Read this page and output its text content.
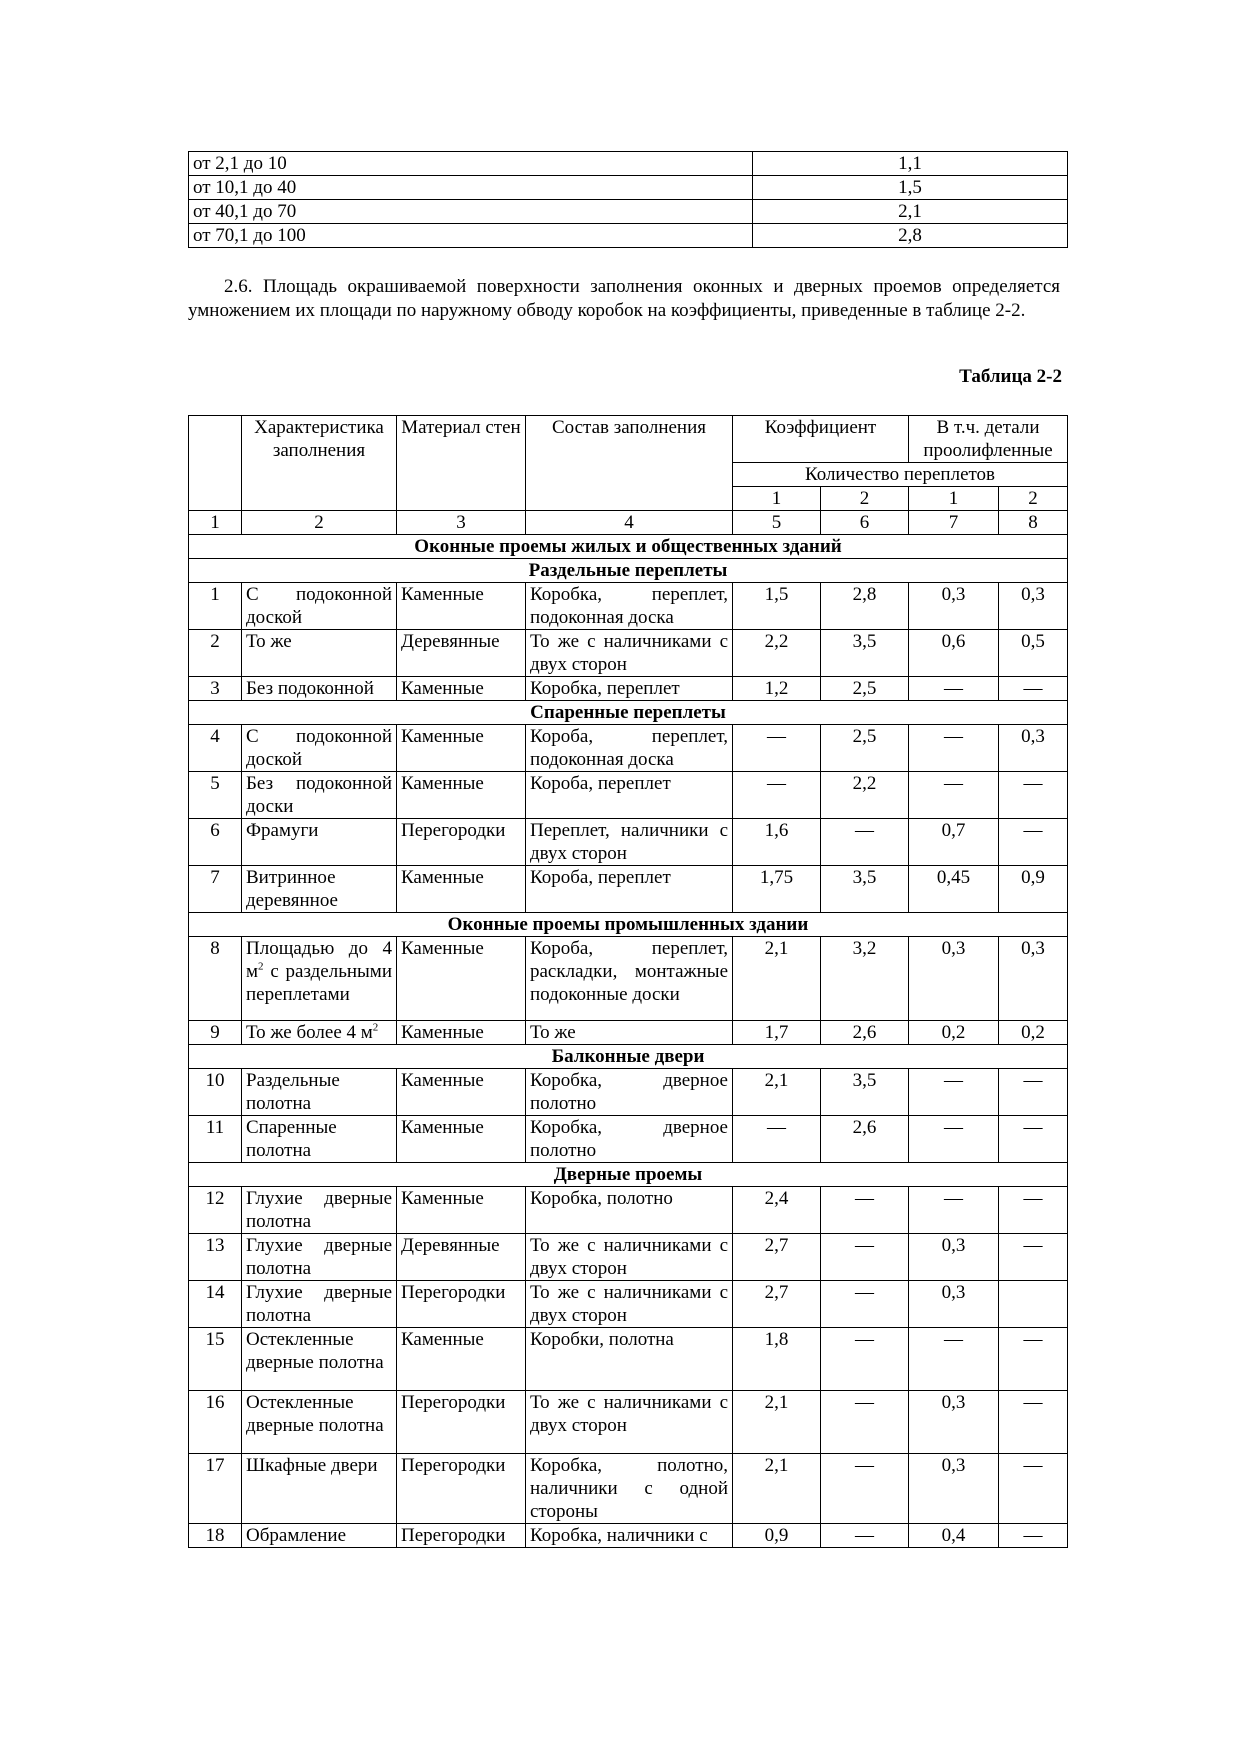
от 2,1 до 10	1,1
от 10,1 до 40	1,5
от 40,1 до 70	2,1
от 70,1 до 100	2,8

2.6. Площадь окрашиваемой поверхности заполнения оконных и дверных проемов определяется умножением их площади по наружному обводу коробок на коэффициенты, приведенные в таблице 2-2.

Таблица 2-2
	Характеристика заполнения	Материал стен	Состав заполнения	Коэффициент		В т.ч. детали проолифленные	
				Количество переплетов			
				1	2	1	2
1	2	3	4	5	6	7	8
Оконные проемы жилых и общественных зданий							
Раздельные переплеты							
1	С подоконной доской	Каменные	Коробка, переплет, подоконная доска	1,5	2,8	0,3	0,3
2	То же	Деревянные	То же с наличниками с двух сторон	2,2	3,5	0,6	0,5
3	Без подоконной	Каменные	Коробка, переплет	1,2	2,5	—	—
Спаренные переплеты							
4	С подоконной доской	Каменные	Короба, переплет, подоконная доска	—	2,5	—	0,3
5	Без подоконной доски	Каменные	Короба, переплет	—	2,2	—	—
6	Фрамуги	Перегородки	Переплет, наличники с двух сторон	1,6	—	0,7	—
7	Витринное деревянное	Каменные	Короба, переплет	1,75	3,5	0,45	0,9
Оконные проемы промышленных здании							
8	Площадью до 4 $м^2$ с раздельными переплетами	Каменные	Короба, переплет, раскладки, монтажные подоконные доски	2,1	3,2	0,3	0,3
9	То же более 4 $м^2$	Каменные	То же	1,7	2,6	0,2	0,2
Балконные двери							
10	Раздельные полотна	Каменные	Коробка, дверное полотно	2,1	3,5	—	—
11	Спаренные полотна	Каменные	Коробка, дверное полотно	—	2,6	—	—
Дверные проемы							
12	Глухие дверные полотна	Каменные	Коробка, полотно	2,4	—	—	—
13	Глухие дверные полотна	Деревянные	То же с наличниками с двух сторон	2,7	—	0,3	—
14	Глухие дверные полотна	Перегородки	То же с наличниками с двух сторон	2,7	—	0,3	
15	Остекленные дверные полотна	Каменные	Коробки, полотна	1,8	—	—	—
16	Остекленные дверные полотна	Перегородки	То же с наличниками с двух сторон	2,1	—	0,3	—
17	Шкафные двери	Перегородки	Коробка, полотно, наличники с одной стороны	2,1	—	0,3	—
18	Обрамление	Перегородки	Коробка, наличники с	0,9	—	0,4	—
